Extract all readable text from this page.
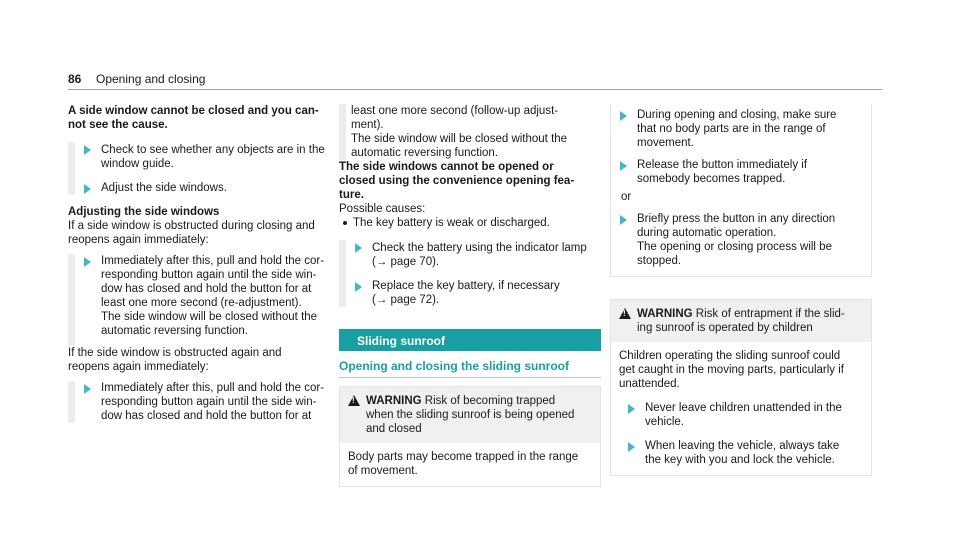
86 Opening and closing
A side window cannot be closed and you can-
not see the cause.
Check to see whether any objects are in the
window guide.
Adjust the side windows.
Adjusting the side windows
If a side window is obstructed during closing and
reopens again immediately:
Immediately after this, pull and hold the cor-
responding button again until the side win-
dow has closed and hold the button for at
least one more second (re-adjustment).
The side window will be closed without the
automatic reversing function.
If the side window is obstructed again and
reopens again immediately:
Immediately after this, pull and hold the cor-
responding button again until the side win-
dow has closed and hold the button for at
least one more second (follow-up adjust-
ment).
The side window will be closed without the
automatic reversing function.
The side windows cannot be opened or
closed using the convenience opening fea-
ture.
Possible causes:
The key battery is weak or discharged.
Check the battery using the indicator lamp
(→ page 70).
Replace the key battery, if necessary
(→ page 72).
Sliding sunroof
Opening and closing the sliding sunroof
!
WARNING Risk of becoming trapped
when the sliding sunroof is being opened
and closed
Body parts may become trapped in the range
of movement.
During opening and closing, make sure
that no body parts are in the range of
movement.
Release the button immediately if
somebody becomes trapped.
or
Briefly press the button in any direction
during automatic operation.
The opening or closing process will be
stopped.
!
WARNING Risk of entrapment if the slid-
ing sunroof is operated by children
Children operating the sliding sunroof could
get caught in the moving parts, particularly if
unattended.
Never leave children unattended in the
vehicle.
When leaving the vehicle, always take
the key with you and lock the vehicle.
